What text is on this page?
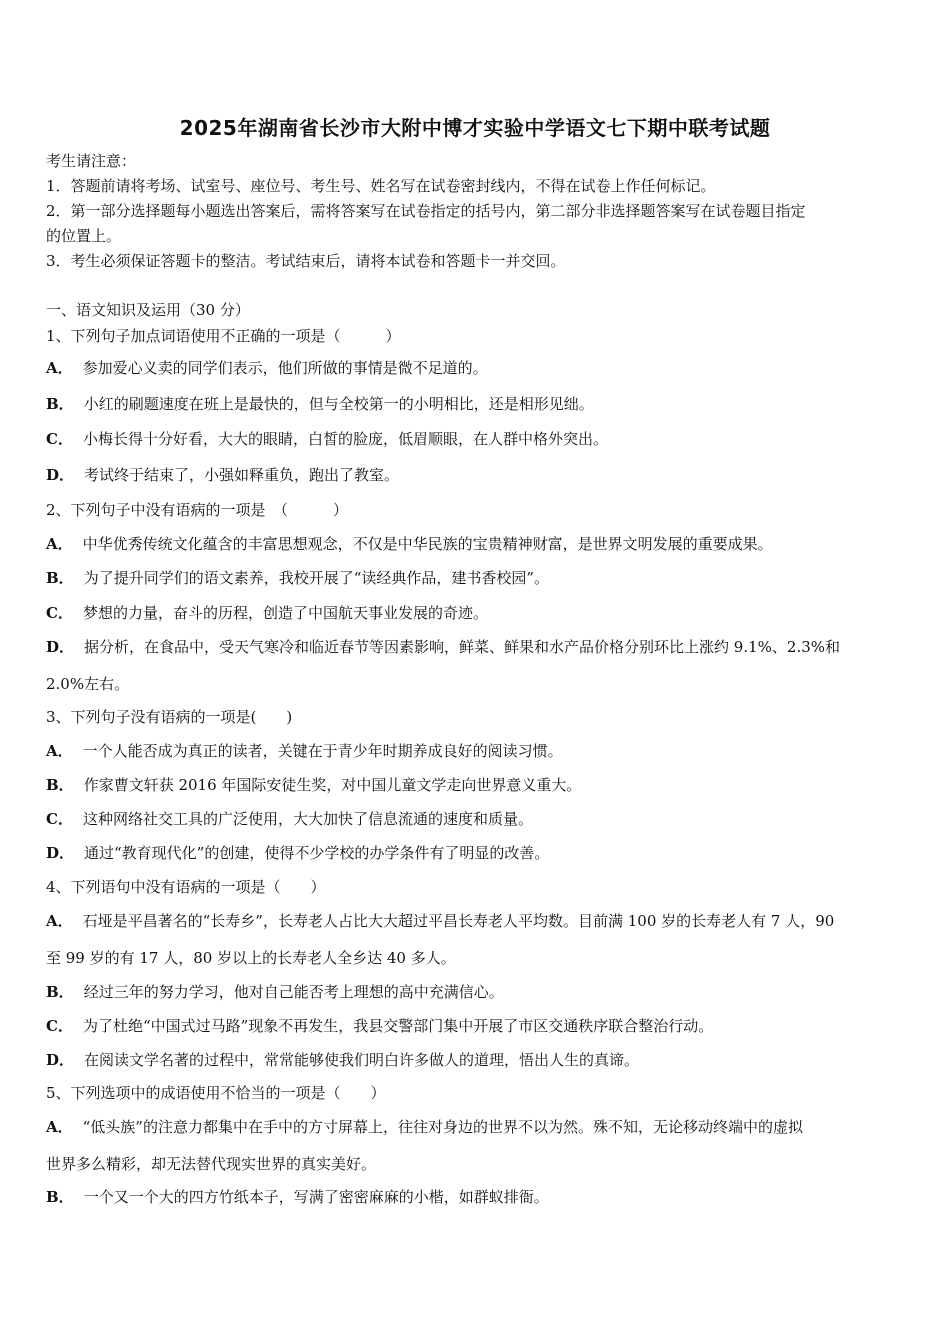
2025年湖南省长沙市大附中博才实验中学语文七下期中联考试题
考生请注意：
1．答题前请将考场、试室号、座位号、考生号、姓名写在试卷密封线内，不得在试卷上作任何标记。
2．第一部分选择题每小题选出答案后，需将答案写在试卷指定的括号内，第二部分非选择题答案写在试卷题目指定
的位置上。
3．考生必须保证答题卡的整洁。考试结束后，请将本试卷和答题卡一并交回。
一、语文知识及运用（30 分）
1、下列句子加点词语使用不正确的一项是（　　　）
A． 参加爱心义卖的同学们表示，他们所做的事情是微不足道的。
B． 小红的刷题速度在班上是最快的，但与全校第一的小明相比，还是相形见绌。
C． 小梅长得十分好看，大大的眼睛，白皙的脸庞，低眉顺眼，在人群中格外突出。
D． 考试终于结束了，小强如释重负，跑出了教室。
2、下列句子中没有语病的一项是　（　　　）
A． 中华优秀传统文化蕴含的丰富思想观念，不仅是中华民族的宝贵精神财富，是世界文明发展的重要成果。
B． 为了提升同学们的语文素养，我校开展了“读经典作品，建书香校园”。
C． 梦想的力量，奋斗的历程，创造了中国航天事业发展的奇迹。
D． 据分析，在食品中，受天气寒冷和临近春节等因素影响，鲜菜、鲜果和水产品价格分别环比上涨约 9.1%、2.3%和
2.0%左右。
3、下列句子没有语病的一项是(　　)
A． 一个人能否成为真正的读者，关键在于青少年时期养成良好的阅读习惯。
B． 作家曹文轩获 2016 年国际安徒生奖，对中国儿童文学走向世界意义重大。
C． 这种网络社交工具的广泛使用，大大加快了信息流通的速度和质量。
D． 通过“教育现代化”的创建，使得不少学校的办学条件有了明显的改善。
4、下列语句中没有语病的一项是（　　）
A． 石垭是平昌著名的“长寿乡”，长寿老人占比大大超过平昌长寿老人平均数。目前满 100 岁的长寿老人有 7 人，90
至 99 岁的有 17 人，80 岁以上的长寿老人全乡达 40 多人。
B． 经过三年的努力学习，他对自己能否考上理想的高中充满信心。
C． 为了杜绝“中国式过马路”现象不再发生，我县交警部门集中开展了市区交通秩序联合整治行动。
D． 在阅读文学名著的过程中，常常能够使我们明白许多做人的道理，悟出人生的真谛。
5、下列选项中的成语使用不恰当的一项是（　　）
A． “低头族”的注意力都集中在手中的方寸屏幕上，往往对身边的世界不以为然。殊不知，无论移动终端中的虚拟
世界多么精彩，却无法替代现实世界的真实美好。
B． 一个又一个大的四方竹纸本子，写满了密密麻麻的小楷，如群蚁排衙。
